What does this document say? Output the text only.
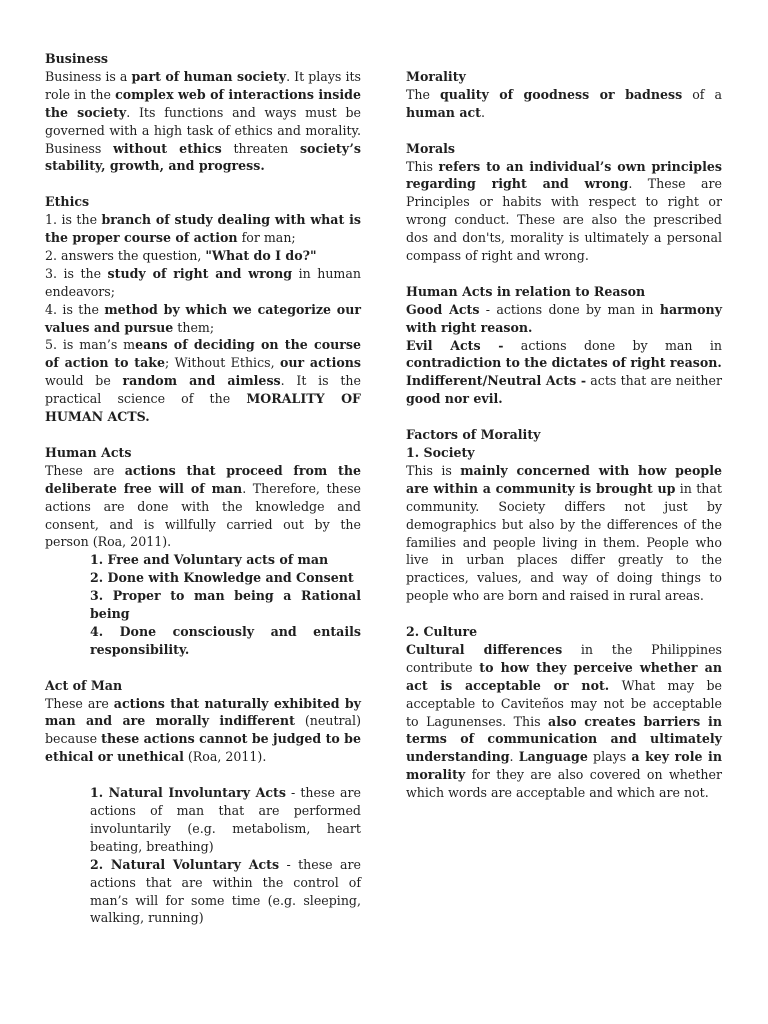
Business

Business is a part of human society. It plays its role in the complex web of interactions inside the society. Its functions and ways must be governed with a high task of ethics and morality. Business without ethics threaten society’s stability, growth, and progress.

Ethics

1. is the branch of study dealing with what is the proper course of action for man;

2. answers the question, "What do I do?"

3. is the study of right and wrong in human endeavors;

4. is the method by which we categorize our values and pursue them;

5. is man’s means of deciding on the course of action to take; Without Ethics, our actions would be random and aimless. It is the practical science of the MORALITY OF HUMAN ACTS.

Human Acts

These are actions that proceed from the deliberate free will of man. Therefore, these actions are done with the knowledge and consent, and is willfully carried out by the person (Roa, 2011).

1. Free and Voluntary acts of man

2. Done with Knowledge and Consent

3. Proper to man being a Rational being

4. Done consciously and entails responsibility.

Act of Man

These are actions that naturally exhibited by man and are morally indifferent (neutral) because these actions cannot be judged to be ethical or unethical (Roa, 2011).

1. Natural Involuntary Acts - these are actions of man that are performed involuntarily (e.g. metabolism, heart beating, breathing)

2. Natural Voluntary Acts - these are actions that are within the control of man’s will for some time (e.g. sleeping, walking, running)

Morality

The quality of goodness or badness of a human act.

Morals

This refers to an individual’s own principles regarding right and wrong. These are Principles or habits with respect to right or wrong conduct. These are also the prescribed dos and don'ts, morality is ultimately a personal compass of right and wrong.

Human Acts in relation to Reason

Good Acts - actions done by man in harmony with right reason.

Evil Acts - actions done by man in contradiction to the dictates of right reason.

Indifferent/Neutral Acts - acts that are neither good nor evil.

Factors of Morality

1. Society

This is mainly concerned with how people are within a community is brought up in that community. Society differs not just by demographics but also by the differences of the families and people living in them. People who live in urban places differ greatly to the practices, values, and way of doing things to people who are born and raised in rural areas.

2. Culture

Cultural differences in the Philippines contribute to how they perceive whether an act is acceptable or not. What may be acceptable to Caviteños may not be acceptable to Lagunenses. This also creates barriers in terms of communication and ultimately understanding. Language plays a key role in morality for they are also covered on whether which words are acceptable and which are not.
